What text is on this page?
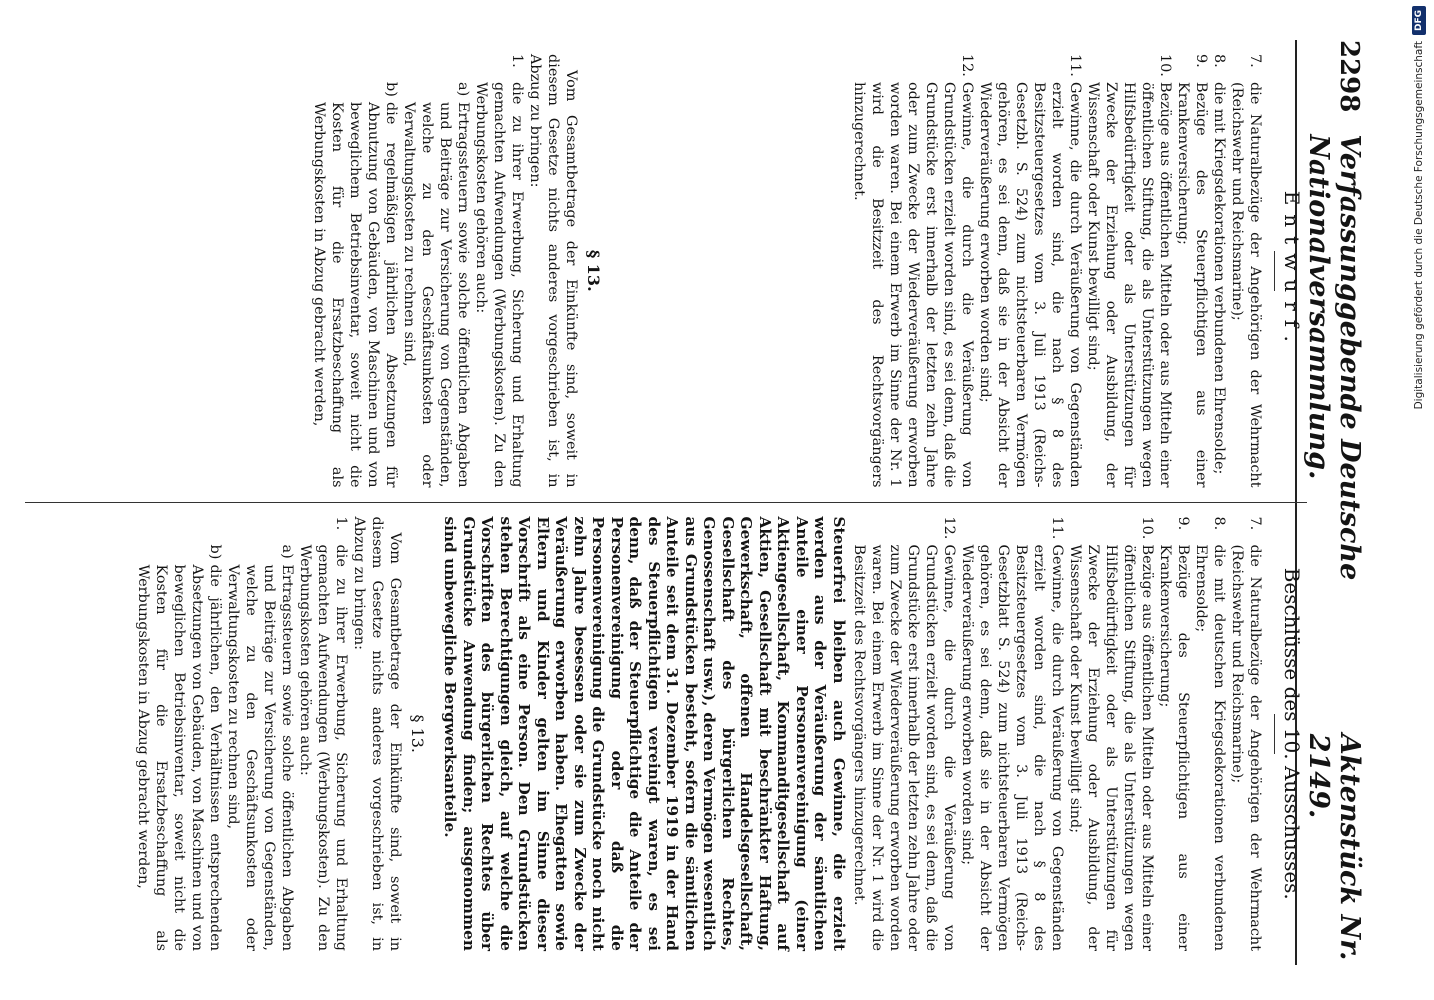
2298
Verfassunggebende Deutsche Nationalversammlung.
Aktenstück Nr. 2149.
Entwurf.
7.
die Naturalbezüge der Angehörigen der Wehrmacht (Reichswehr und Reichsmarine);
8.
die mit Kriegsdekorationen verbundenen Ehrensolde;
9.
Bezüge des Steuerpflichtigen aus einer Krankenversicherung;
10.
Bezüge aus öffentlichen Mitteln oder aus Mitteln einer öffentlichen Stiftung, die als Unterstützungen wegen Hilfsbedürftigkeit oder als Unterstützungen für Zwecke der Erziehung oder Ausbildung, der Wissenschaft oder Kunst bewilligt sind;
11.
Gewinne, die durch Veräußerung von Gegenständen erzielt worden sind, die nach § 8 des Besitzsteuergesetzes vom 3. Juli 1913 (Reichs-Gesetzbl. S. 524) zum nichtsteuerbaren Vermögen gehören, es sei denn, daß sie in der Absicht der Wiederveräußerung erworben worden sind;
12.
Gewinne, die durch die Veräußerung von Grundstücken erzielt worden sind, es sei denn, daß die Grundstücke erst innerhalb der letzten zehn Jahre oder zum Zwecke der Wiederveräußerung erworben worden waren. Bei einem Erwerb im Sinne der Nr. 1 wird die Besitzzeit des Rechtsvorgängers hinzugerechnet.
§ 13.

Vom Gesamtbetrage der Einkünfte sind, soweit in diesem Gesetze nichts anderes vorgeschrieben ist, in Abzug zu bringen:

1.
die zu ihrer Erwerbung, Sicherung und Erhaltung gemachten Aufwendungen (Werbungskosten). Zu den Werbungskosten gehören auch:
a)
Ertragssteuern sowie solche öffentlichen Abgaben und Beiträge zur Versicherung von Gegenständen, welche zu den Geschäftsunkosten oder Verwaltungskosten zu rechnen sind,
b)
die regelmäßigen jährlichen Absetzungen für Abnutzung von Gebäuden, von Maschinen und von beweglichem Betriebsinventar, soweit nicht die Kosten für die Ersatzbeschaffung als Werbungskosten in Abzug gebracht werden,
Beschlüsse des 10. Ausschusses.
7.
die Naturalbezüge der Angehörigen der Wehrmacht (Reichswehr und Reichsmarine);
8.
die mit deutschen Kriegsdekorationen verbundenen Ehrensolde;
9.
Bezüge des Steuerpflichtigen aus einer Krankenversicherung;
10.
Bezüge aus öffentlichen Mitteln oder aus Mitteln einer öffentlichen Stiftung, die als Unterstützungen wegen Hilfsbedürftigkeit oder als Unterstützungen für Zwecke der Erziehung oder Ausbildung, der Wissenschaft oder Kunst bewilligt sind;
11.
Gewinne, die durch Veräußerung von Gegenständen erzielt worden sind, die nach § 8 des Besitzsteuergesetzes vom 3. Juli 1913 (Reichs-Gesetzblatt S. 524) zum nichtsteuerbaren Vermögen gehören, es sei denn, daß sie in der Absicht der Wiederveräußerung erworben worden sind;
12.
Gewinne, die durch die Veräußerung von Grundstücken erzielt worden sind, es sei denn, daß die Grundstücke erst innerhalb der letzten zehn Jahre oder zum Zwecke der Wiederveräußerung erworben worden waren. Bei einem Erwerb im Sinne der Nr. 1 wird die Besitzzeit des Rechtsvorgängers hinzugerechnet.

Steuerfrei bleiben auch Gewinne, die erzielt werden aus der Veräußerung der sämtlichen Anteile einer Personenvereinigung (einer Aktiengesellschaft, Kommanditgesellschaft auf Aktien, Gesellschaft mit beschränkter Haftung, Gewerkschaft, offenen Handelsgesellschaft, Gesellschaft des bürgerlichen Rechtes, Genossenschaft usw.), deren Vermögen wesentlich aus Grundstücken besteht, sofern die sämtlichen Anteile seit dem 31. Dezember 1919 in der Hand des Steuerpflichtigen vereinigt waren, es sei denn, daß der Steuerpflichtige die Anteile der Personenvereinigung oder daß die Personenvereinigung die Grundstücke noch nicht zehn Jahre besessen oder sie zum Zwecke der Veräußerung erworben haben. Ehegatten sowie Eltern und Kinder gelten im Sinne dieser Vorschrift als eine Person. Den Grundstücken stehen Berechtigungen gleich, auf welche die Vorschriften des bürgerlichen Rechtes über Grundstücke Anwendung finden; ausgenommen sind unbewegliche Bergwerksanteile.

§ 13.

Vom Gesamtbetrage der Einkünfte sind, soweit in diesem Gesetze nichts anderes vorgeschrieben ist, in Abzug zu bringen:

1.
die zu ihrer Erwerbung, Sicherung und Erhaltung gemachten Aufwendungen (Werbungskosten). Zu den Werbungskosten gehören auch:
a)
Ertragssteuern sowie solche öffentlichen Abgaben und Beiträge zur Versicherung von Gegenständen, welche zu den Geschäftsunkosten oder Verwaltungskosten zu rechnen sind,
b)
die jährlichen, den Verhältnissen entsprechenden Absetzungen von Gebäuden, von Maschinen und von beweglichen Betriebsinventar, soweit nicht die Kosten für die Ersatzbeschaffung als Werbungskosten in Abzug gebracht werden,
Digitalisierung gefördert durch die Deutsche Forschungsgemeinschaft
DFG
